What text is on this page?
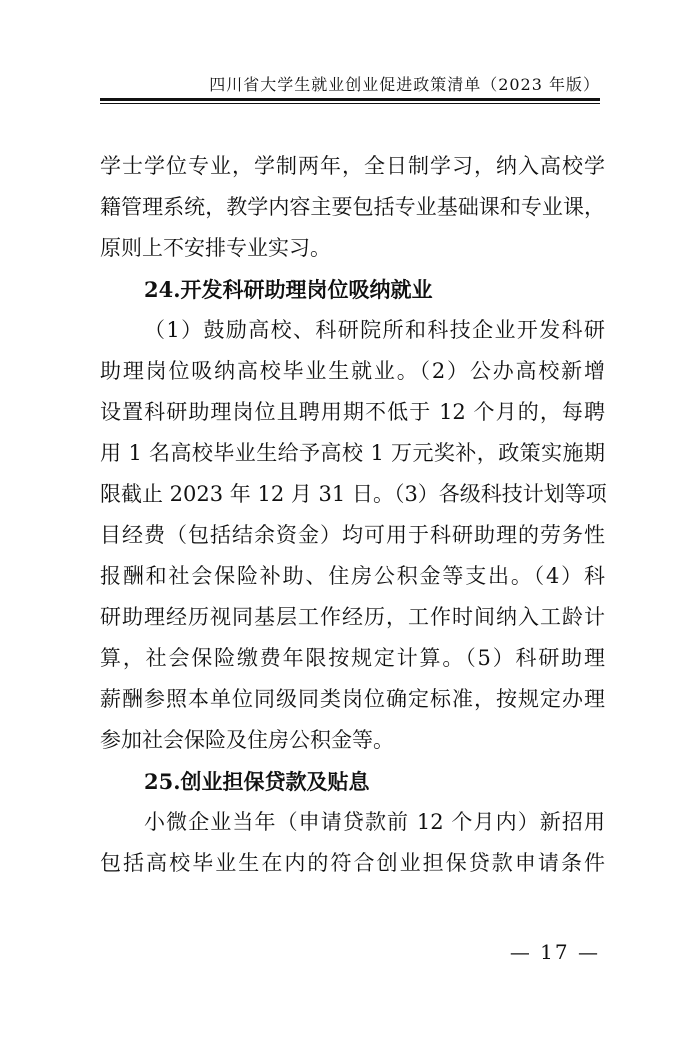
四川省大学生就业创业促进政策清单（2023 年版）
学士学位专业，学制两年，全日制学习，纳入高校学
籍管理系统，教学内容主要包括专业基础课和专业课，
原则上不安排专业实习。
24.开发科研助理岗位吸纳就业
（1）鼓励高校、科研院所和科技企业开发科研
助理岗位吸纳高校毕业生就业。（2）公办高校新增
设置科研助理岗位且聘用期不低于 12 个月的，每聘
用 1 名高校毕业生给予高校 1 万元奖补，政策实施期
限截止 2023 年 12 月 31 日。（3）各级科技计划等项
目经费（包括结余资金）均可用于科研助理的劳务性
报酬和社会保险补助、住房公积金等支出。（4）科
研助理经历视同基层工作经历，工作时间纳入工龄计
算，社会保险缴费年限按规定计算。（5）科研助理
薪酬参照本单位同级同类岗位确定标准，按规定办理
参加社会保险及住房公积金等。
25.创业担保贷款及贴息
小微企业当年（申请贷款前 12 个月内）新招用
包括高校毕业生在内的符合创业担保贷款申请条件
— 17 —
